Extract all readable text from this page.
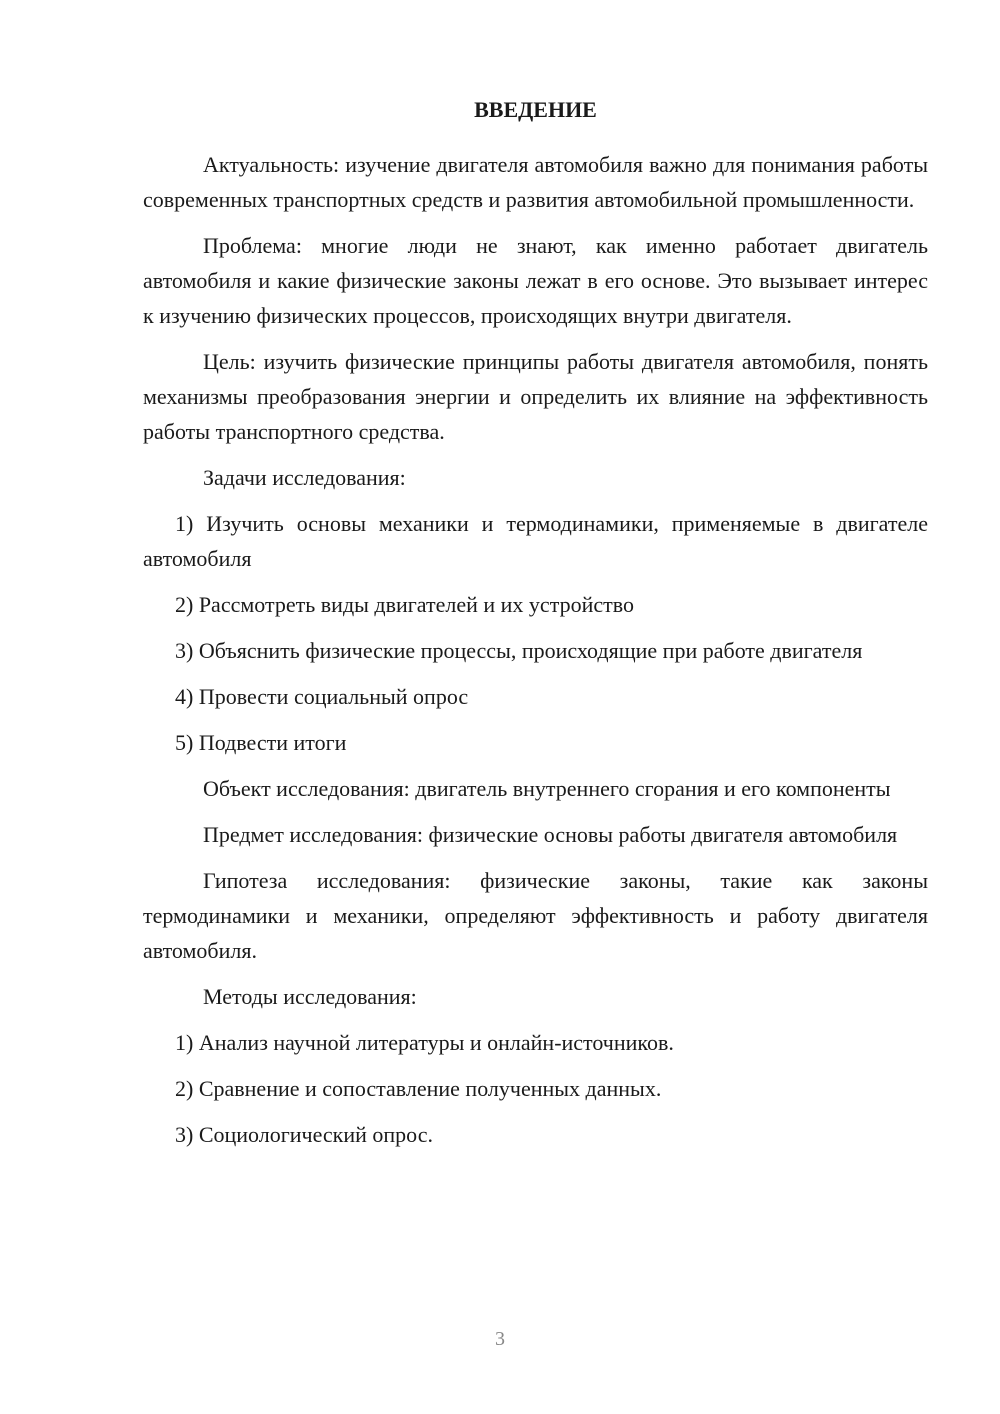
ВВЕДЕНИЕ

Актуальность: изучение двигателя автомобиля важно для понимания работы современных транспортных средств и развития автомобильной промышленности.

Проблема: многие люди не знают, как именно работает двигатель автомобиля и какие физические законы лежат в его основе. Это вызывает интерес к изучению физических процессов, происходящих внутри двигателя.

Цель: изучить физические принципы работы двигателя автомобиля, понять механизмы преобразования энергии и определить их влияние на эффективность работы транспортного средства.

Задачи исследования:

1) Изучить основы механики и термодинамики, применяемые в двигателе автомобиля

2) Рассмотреть виды двигателей и их устройство

3) Объяснить физические процессы, происходящие при работе двигателя

4) Провести социальный опрос

5) Подвести итоги

Объект исследования: двигатель внутреннего сгорания и его компоненты

Предмет исследования: физические основы работы двигателя автомобиля

Гипотеза исследования: физические законы, такие как законы термодинамики и механики, определяют эффективность и работу двигателя автомобиля.

Методы исследования:

1) Анализ научной литературы и онлайн-источников.

2) Сравнение и сопоставление полученных данных.

3) Социологический опрос.

3
